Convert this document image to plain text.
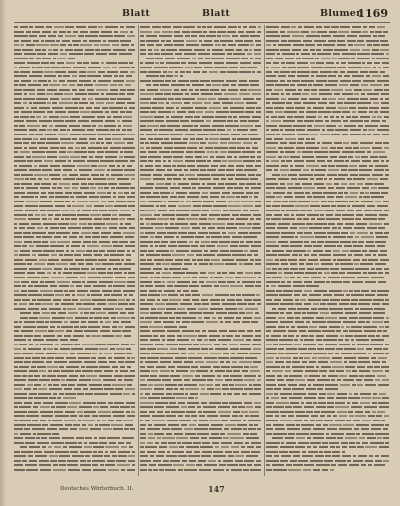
Blatt	Blatt	Blumen
1169
Deutsches Wörterbuch. II.	147
